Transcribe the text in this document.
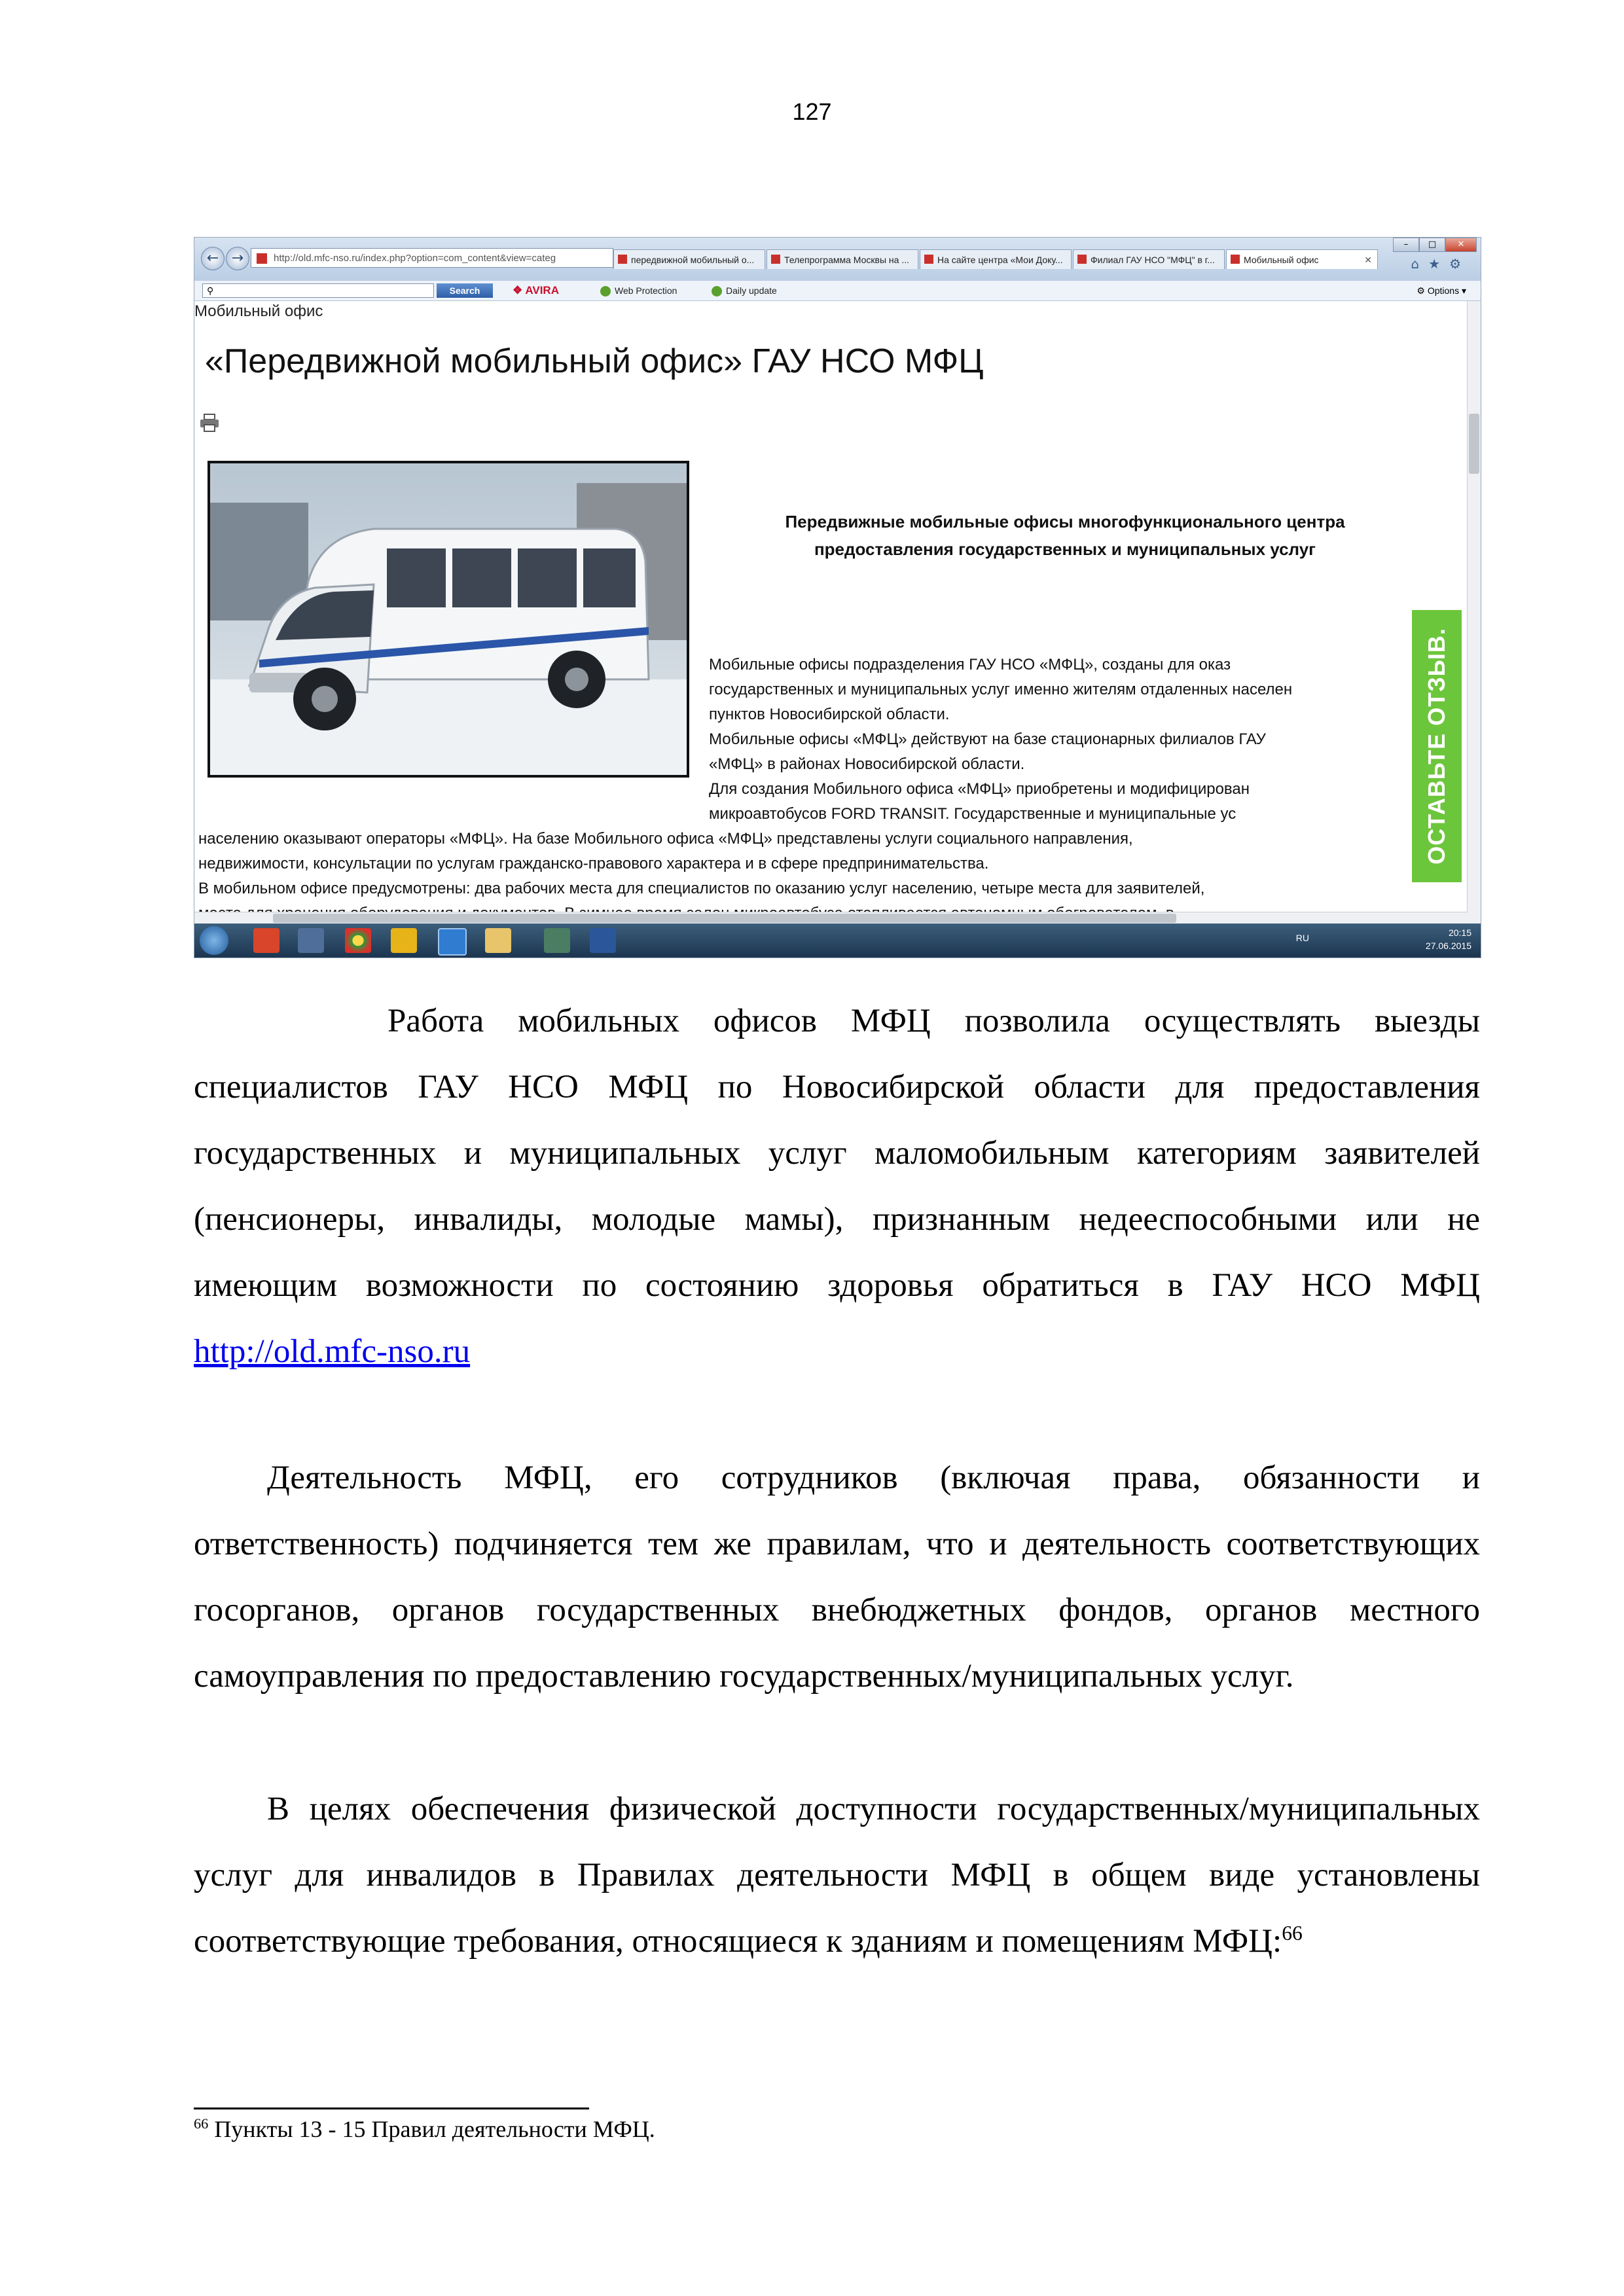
127
← →	http://old.mfc-nso.ru/index.php?option=com_content&view=categ	передвижной мобильный о...	Телепрограмма Москвы на ...	На сайте центра «Мои Доку...	Филиал ГАУ НСО "МФЦ" в г...	Мобильный офис	✕
–	□	✕
⌂★⚙
⚲	Search	❖ AVIRA	Web Protection	Daily update	⚙ Options ▾
Мобильный офис
«Передвижной мобильный офис» ГАУ НСО МФЦ
Передвижные мобильные офисы многофункционального центра
предоставления государственных и муниципальных услуг
Мобильные офисы подразделения ГАУ НСО «МФЦ», созданы для оказ
государственных и муниципальных услуг именно жителям отдаленных населен
пунктов Новосибирской области.
Мобильные офисы «МФЦ» действуют на базе стационарных филиалов ГАУ
«МФЦ» в районах Новосибирской области.
Для создания Мобильного офиса «МФЦ» приобретены и модифицирован
микроавтобусов FORD TRANSIT. Государственные и муниципальные ус
населению оказывают операторы «МФЦ». На базе Мобильного офиса «МФЦ» представлены услуги социального направления,
недвижимости, консультации по услугам гражданско-правового характера и в сфере предпринимательства.
В мобильном офисе предусмотрены: два рабочих места для специалистов по оказанию услуг населению, четыре места для заявителей,
ОСТАВЬТЕ ОТЗЫВ.
RU	20:15
27.06.2015

Работа мобильных офисов МФЦ позволила осуществлять выезды специалистов ГАУ НСО МФЦ по Новосибирской области для предоставления государственных и муниципальных услуг маломобильным категориям заявителей (пенсионеры, инвалиды, молодые мамы), признанным недееспособными или не имеющим возможности по состоянию здоровья обратиться в ГАУ НСО МФЦ http://old.mfc-nso.ru

Деятельность МФЦ, его сотрудников (включая права, обязанности и ответственность) подчиняется тем же правилам, что и деятельность соответствующих госорганов, органов государственных внебюджетных фондов, органов местного самоуправления по предоставлению государственных/муниципальных услуг.

В целях обеспечения физической доступности государственных/муниципальных услуг для инвалидов в Правилах деятельности МФЦ в общем виде установлены соответствующие требования, относящиеся к зданиям и помещениям МФЦ:$^{66}$

$^{66}$ Пункты 13 - 15 Правил деятельности МФЦ.
